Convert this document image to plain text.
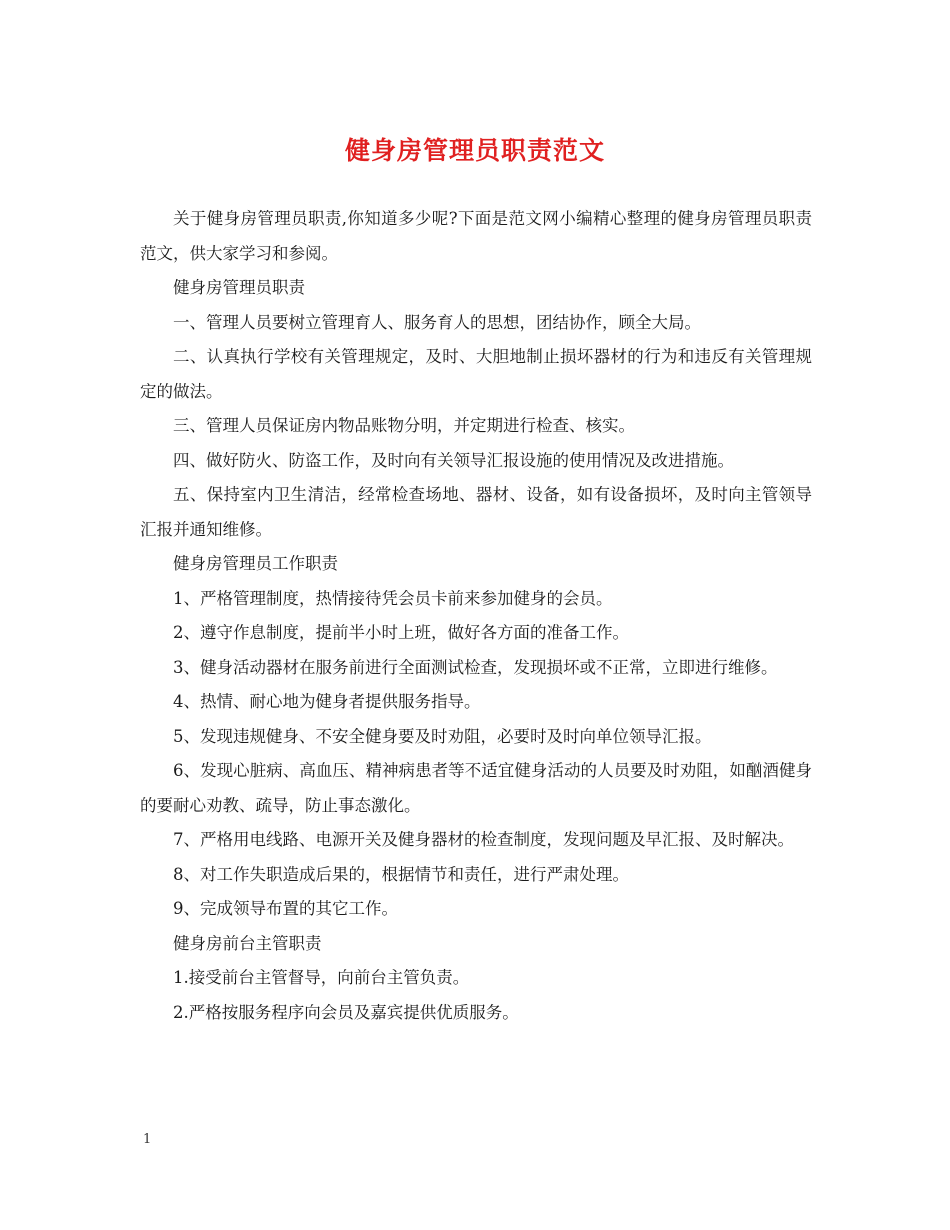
健身房管理员职责范文

关于健身房管理员职责,你知道多少呢?下面是范文网小编精心整理的健身房管理员职责范文，供大家学习和参阅。

健身房管理员职责

一、管理人员要树立管理育人、服务育人的思想，团结协作，顾全大局。

二、认真执行学校有关管理规定，及时、大胆地制止损坏器材的行为和违反有关管理规定的做法。

三、管理人员保证房内物品账物分明，并定期进行检查、核实。

四、做好防火、防盗工作，及时向有关领导汇报设施的使用情况及改进措施。

五、保持室内卫生清洁，经常检查场地、器材、设备，如有设备损坏，及时向主管领导汇报并通知维修。

健身房管理员工作职责

1、严格管理制度，热情接待凭会员卡前来参加健身的会员。

2、遵守作息制度，提前半小时上班，做好各方面的准备工作。

3、健身活动器材在服务前进行全面测试检查，发现损坏或不正常，立即进行维修。

4、热情、耐心地为健身者提供服务指导。

5、发现违规健身、不安全健身要及时劝阻，必要时及时向单位领导汇报。

6、发现心脏病、高血压、精神病患者等不适宜健身活动的人员要及时劝阻，如酗酒健身的要耐心劝教、疏导，防止事态激化。

7、严格用电线路、电源开关及健身器材的检查制度，发现问题及早汇报、及时解决。

8、对工作失职造成后果的，根据情节和责任，进行严肃处理。

9、完成领导布置的其它工作。

健身房前台主管职责

1.接受前台主管督导，向前台主管负责。

2.严格按服务程序向会员及嘉宾提供优质服务。

1
